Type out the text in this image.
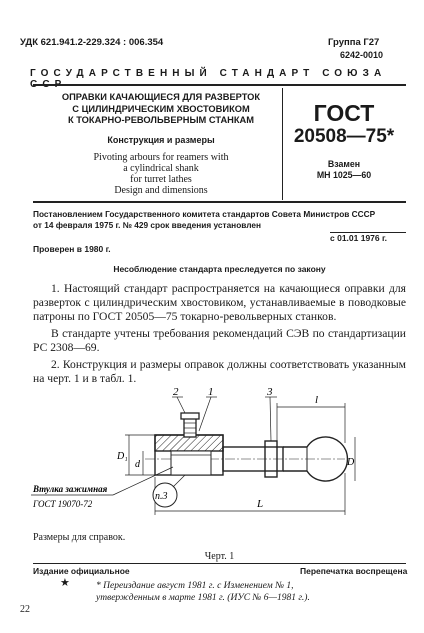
УДК 621.941.2-229.324 : 006.354	Группа Г27
6242-0010
ГОСУДАРСТВЕННЫЙ СТАНДАРТ СОЮЗА ССР
ОПРАВКИ КАЧАЮЩИЕСЯ ДЛЯ РАЗВЕРТОК
С ЦИЛИНДРИЧЕСКИМ ХВОСТОВИКОМ
К ТОКАРНО-РЕВОЛЬВЕРНЫМ СТАНКАМ
Конструкция и размеры
Pivoting arbours for reamers with
a cylindrical shank
for turret lathes
Design and dimensions
ГОСТ
20508—75*
Взамен
МН 1025—60
Постановлением Государственного комитета стандартов Совета Министров СССР
от 14 февраля 1975 г. № 429 срок введения установлен
с 01.01 1976 г.
Проверен в 1980 г.
Несоблюдение стандарта преследуется по закону

1. Настоящий стандарт распространяется на качающиеся оправки для разверток с цилиндрическим хвостовиком, устанавливаемые в поводковые патроны по ГОСТ 20505—75 токарно-револьверных станков.

В стандарте учтены требования рекомендаций СЭВ по стандартизации РС 2308—69.

2. Конструкция и размеры оправок должны соответствовать указанным на черт. 1 и в табл. 1.

2	1	3
l
L
D₁
d	D
п.3
Втулка зажимная
ГОСТ 19070-72
Размеры для справок.
Черт. 1
Издание официальное
★
Перепечатка воспрещена
* Переиздание август 1981 г. с Изменением № 1,
утвержденным в марте 1981 г. (ИУС № 6—1981 г.).
22
